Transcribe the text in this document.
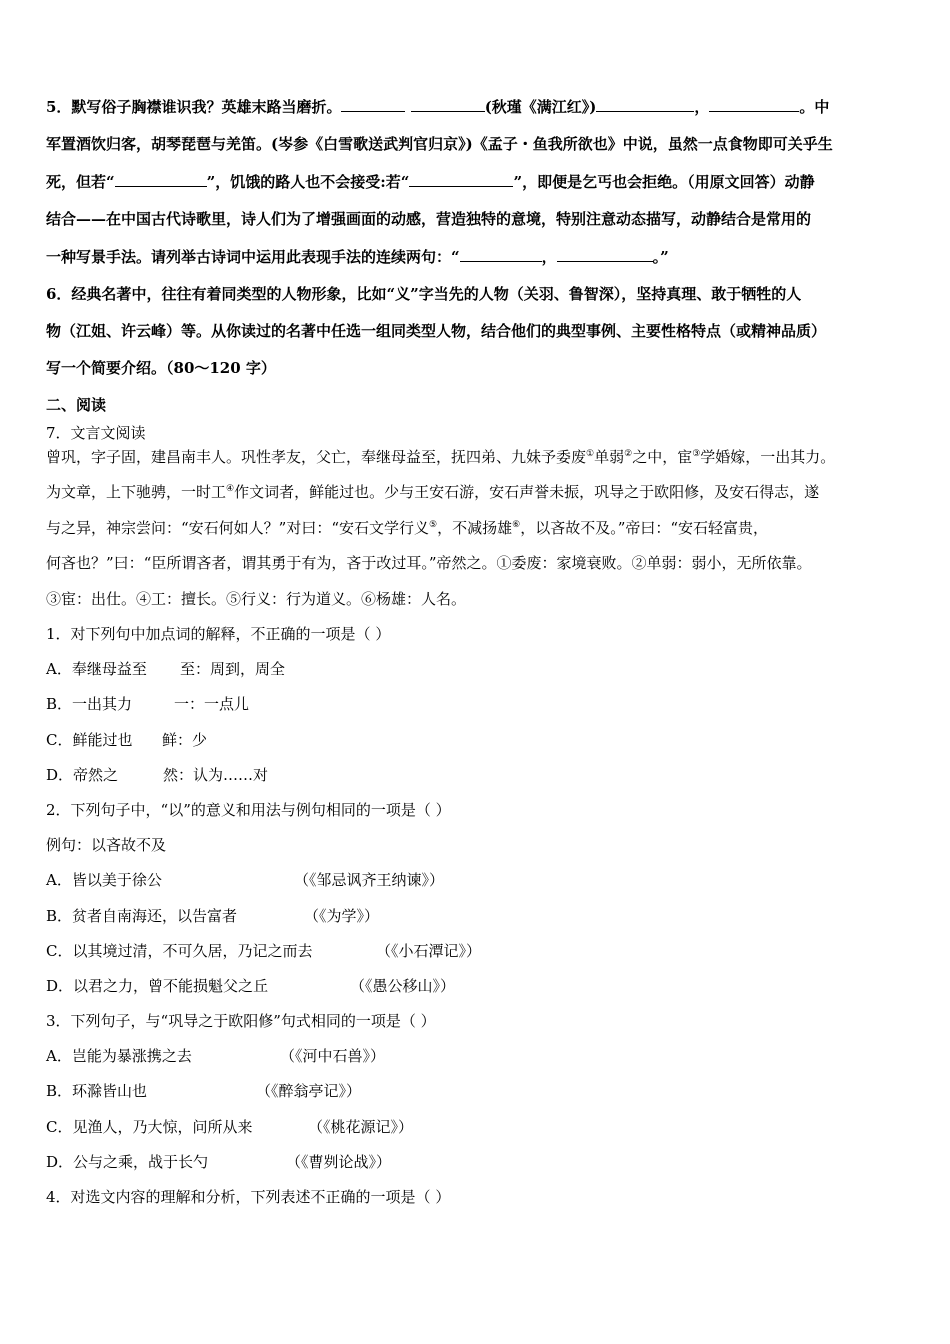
5．默写俗子胸襟谁识我？英雄末路当磨折。	(秋瑾《满江红》)	，	。中
军置酒饮归客，胡琴琵琶与羌笛。(岑参《白雪歌送武判官归京》)《孟子・鱼我所欲也》中说，虽然一点食物即可关乎生
死，但若“	”，饥饿的路人也不会接受:若“	”，即便是乞丐也会拒绝。（用原文回答）动静
结合——在中国古代诗歌里，诗人们为了增强画面的动感，营造独特的意境，特别注意动态描写，动静结合是常用的
一种写景手法。请列举古诗词中运用此表现手法的连续两句：“	，	。”
6．经典名著中，往往有着同类型的人物形象，比如“义”字当先的人物（关羽、鲁智深），坚持真理、敢于牺牲的人
物（江姐、许云峰）等。从你读过的名著中任选一组同类型人物，结合他们的典型事例、主要性格特点（或精神品质）
写一个简要介绍。（80～120 字）
二、阅读
7．文言文阅读
曾巩，字子固，建昌南丰人。巩性孝友，父亡，奉继母益至，抚四弟、九妹予委废①单弱②之中，宦③学婚嫁，一出其力。
为文章，上下驰骋，一时工④作文词者，鲜能过也。少与王安石游，安石声誉未振，巩导之于欧阳修，及安石得志，遂
与之异，神宗尝问：“安石何如人？”对曰：“安石文学行义⑤，不减扬雄⑥，以吝故不及。”帝曰：“安石轻富贵，
何吝也？”曰：“臣所谓吝者，谓其勇于有为，吝于改过耳。”帝然之。①委废：家境衰败。②单弱：弱小，无所依靠。
③宦：出仕。④工：擅长。⑤行义：行为道义。⑥杨雄：人名。
1．对下列句中加点词的解释，不正确的一项是（ ）
A．奉继母益至 至：周到，周全
B．一出其力	一：一点儿
C．鲜能过也 鲜：少
D．帝然之	然：认为……对
2．下列句子中，“以”的意义和用法与例句相同的一项是（ ）
例句：以吝故不及
A．皆以美于徐公	（《邹忌讽齐王纳谏》）
B．贫者自南海还，以告富者	（《为学》）
C．以其境过清，不可久居，乃记之而去	（《小石潭记》）
D．以君之力，曾不能损魁父之丘	（《愚公移山》）
3．下列句子，与“巩导之于欧阳修”句式相同的一项是（ ）
A．岂能为暴涨携之去	（《河中石兽》）
B．环滁皆山也	（《醉翁亭记》）
C．见渔人，乃大惊，问所从来	（《桃花源记》）
D．公与之乘，战于长勺	（《曹刿论战》）
4．对选文内容的理解和分析，下列表述不正确的一项是（ ）
